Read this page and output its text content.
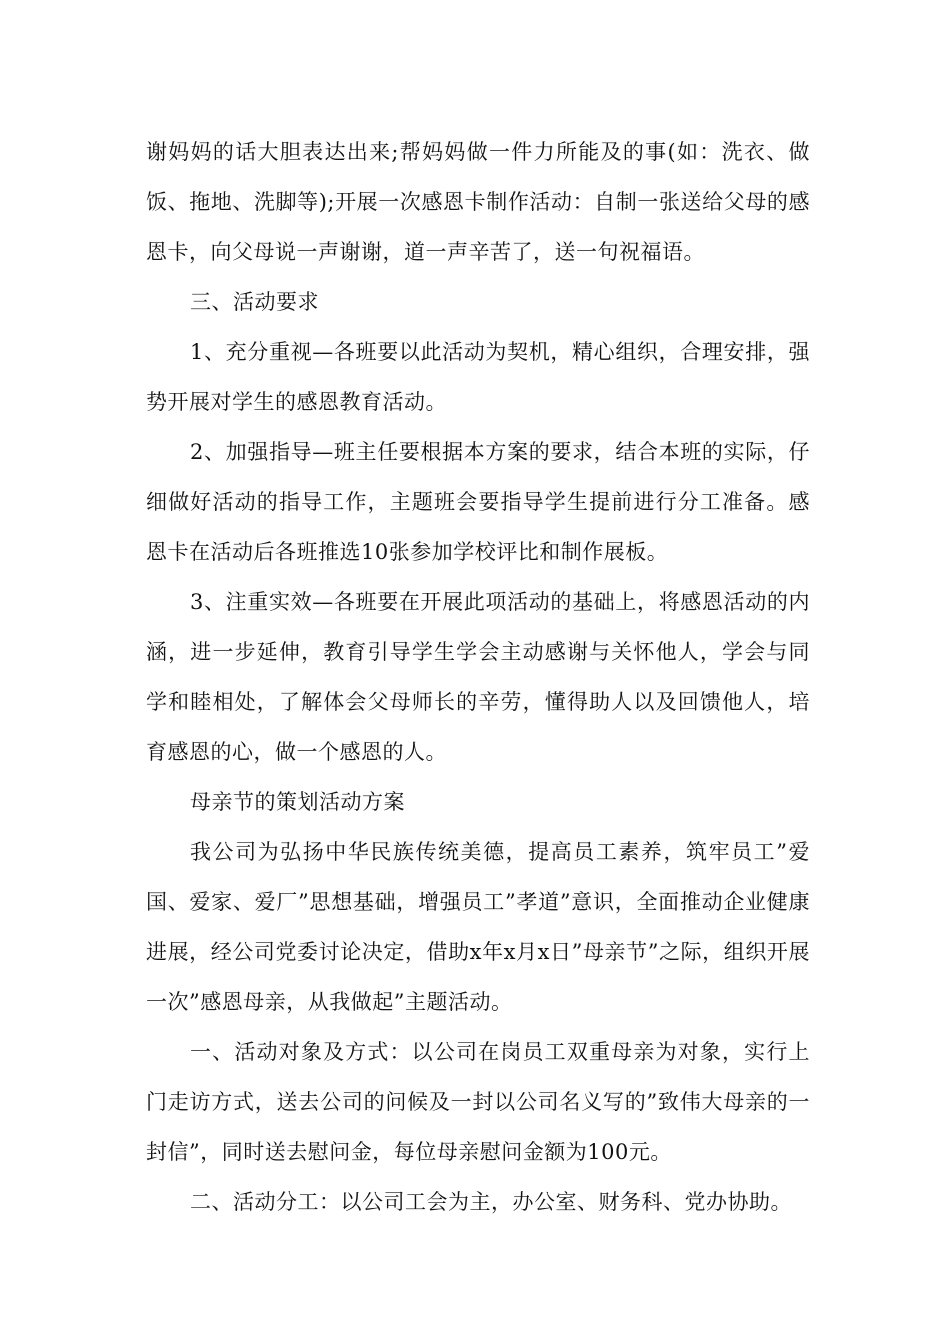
谢妈妈的话大胆表达出来;帮妈妈做一件力所能及的事(如：洗衣、做饭、拖地、洗脚等);开展一次感恩卡制作活动：自制一张送给父母的感恩卡，向父母说一声谢谢，道一声辛苦了，送一句祝福语。

三、活动要求

1、充分重视—各班要以此活动为契机，精心组织，合理安排，强势开展对学生的感恩教育活动。

2、加强指导—班主任要根据本方案的要求，结合本班的实际，仔细做好活动的指导工作，主题班会要指导学生提前进行分工准备。感恩卡在活动后各班推选10张参加学校评比和制作展板。

3、注重实效—各班要在开展此项活动的基础上，将感恩活动的内涵，进一步延伸，教育引导学生学会主动感谢与关怀他人，学会与同学和睦相处，了解体会父母师长的辛劳，懂得助人以及回馈他人，培育感恩的心，做一个感恩的人。

母亲节的策划活动方案

我公司为弘扬中华民族传统美德，提高员工素养，筑牢员工”爱国、爱家、爱厂”思想基础，增强员工”孝道”意识，全面推动企业健康进展，经公司党委讨论决定，借助x年x月x日”母亲节”之际，组织开展一次”感恩母亲，从我做起”主题活动。

一、活动对象及方式：以公司在岗员工双重母亲为对象，实行上门走访方式，送去公司的问候及一封以公司名义写的”致伟大母亲的一封信”，同时送去慰问金，每位母亲慰问金额为100元。

二、活动分工：以公司工会为主，办公室、财务科、党办协助。
